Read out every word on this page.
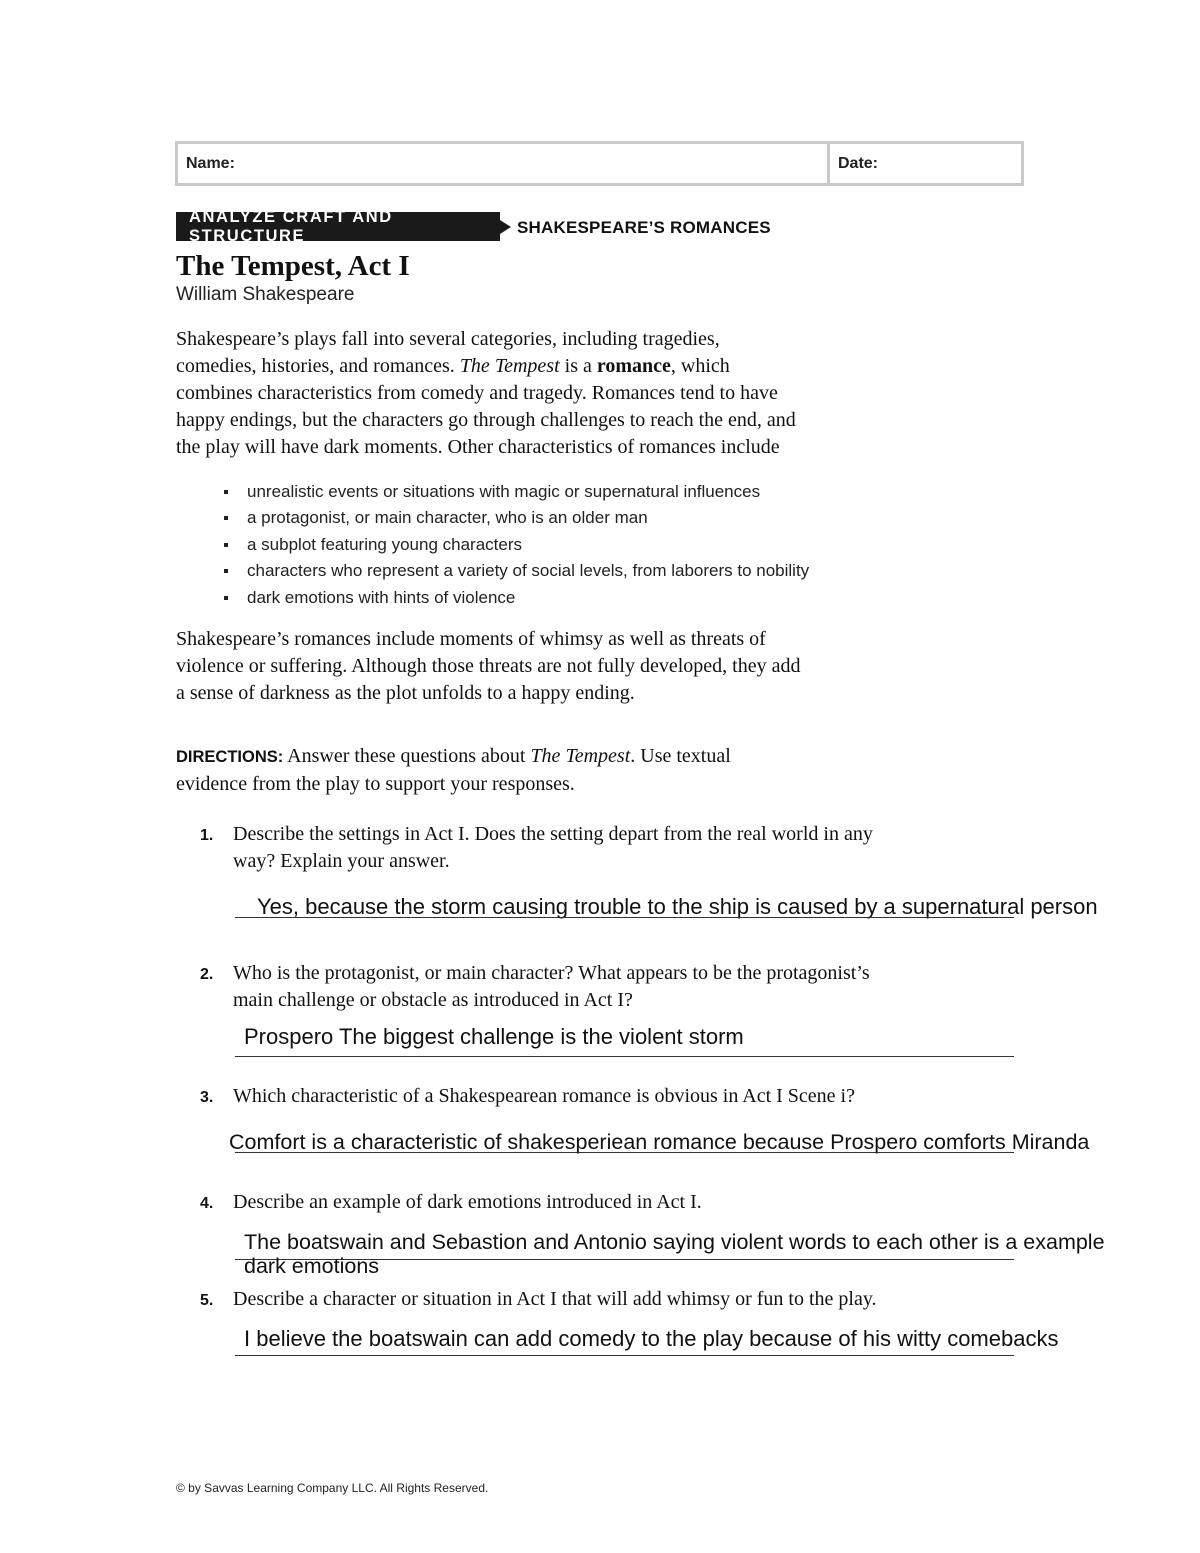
Name:	Date:
ANALYZE CRAFT AND STRUCTURE	SHAKESPEARE’S ROMANCES
The Tempest, Act I
William Shakespeare

Shakespeare’s plays fall into several categories, including tragedies,

comedies, histories, and romances. The Tempest is a romance, which

combines characteristics from comedy and tragedy. Romances tend to have

happy endings, but the characters go through challenges to reach the end, and

the play will have dark moments. Other characteristics of romances include

unrealistic events or situations with magic or supernatural influences
a protagonist, or main character, who is an older man
a subplot featuring young characters
characters who represent a variety of social levels, from laborers to nobility
dark emotions with hints of violence

Shakespeare’s romances include moments of whimsy as well as threats of

violence or suffering. Although those threats are not fully developed, they add

a sense of darkness as the plot unfolds to a happy ending.

DIRECTIONS: Answer these questions about The Tempest. Use textual

evidence from the play to support your responses.

1. Describe the settings in Act I. Does the setting depart from the real world in any
way? Explain your answer.
Yes, because the storm causing trouble to the ship is caused by a supernatural person
2. Who is the protagonist, or main character? What appears to be the protagonist’s
main challenge or obstacle as introduced in Act I?
Prospero The biggest challenge is the violent storm
3. Which characteristic of a Shakespearean romance is obvious in Act I Scene i?
Comfort is a characteristic of shakesperiean romance because Prospero comforts Miranda
4. Describe an example of dark emotions introduced in Act I.
The boatswain and Sebastion and Antonio saying violent words to each other is a example
dark emotions
5. Describe a character or situation in Act I that will add whimsy or fun to the play.
I believe the boatswain can add comedy to the play because of his witty comebacks
© by Savvas Learning Company LLC. All Rights Reserved.
